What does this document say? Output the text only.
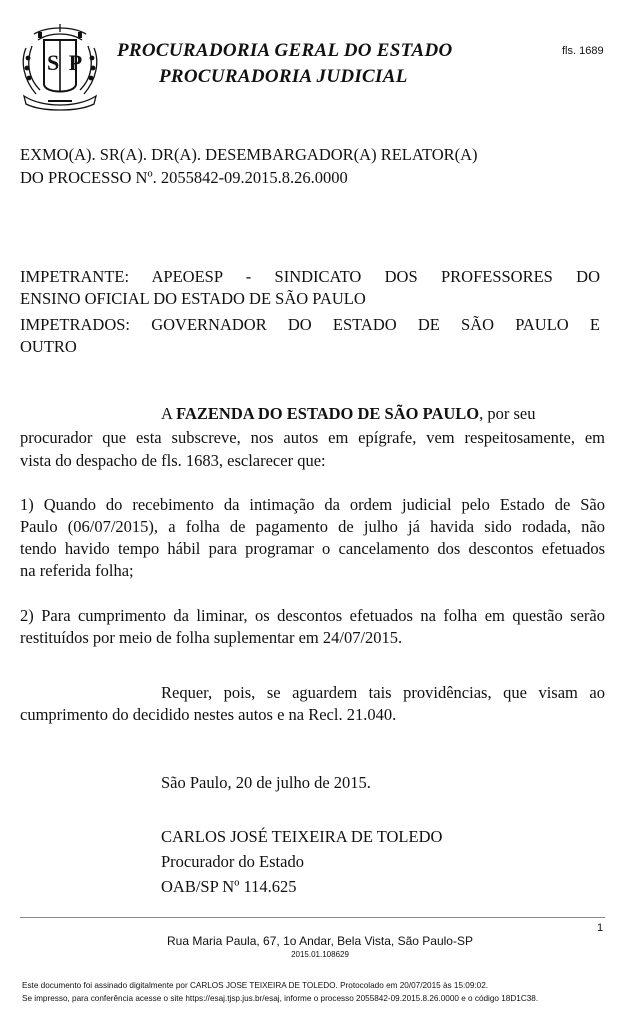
S P PROCURADORIA GERAL DO ESTADO
PROCURADORIA JUDICIAL
fls. 1689
EXMO(A). SR(A). DR(A). DESEMBARGADOR(A) RELATOR(A)
DO PROCESSO Nº. 2055842-09.2015.8.26.0000
IMPETRANTE: APEOESP - SINDICATO DOS PROFESSORES DO
ENSINO OFICIAL DO ESTADO DE SÃO PAULO
IMPETRADOS: GOVERNADOR DO ESTADO DE SÃO PAULO E
OUTRO
A FAZENDA DO ESTADO DE SÃO PAULO, por seu
procurador que esta subscreve, nos autos em epígrafe, vem respeitosamente, em
vista do despacho de fls. 1683, esclarecer que:
1) Quando do recebimento da intimação da ordem judicial pelo Estado de São
Paulo (06/07/2015), a folha de pagamento de julho já havida sido rodada, não
tendo havido tempo hábil para programar o cancelamento dos descontos efetuados
na referida folha;
2) Para cumprimento da liminar, os descontos efetuados na folha em questão serão
restituídos por meio de folha suplementar em 24/07/2015.
Requer, pois, se aguardem tais providências, que visam ao
cumprimento do decidido nestes autos e na Recl. 21.040.
São Paulo, 20 de julho de 2015.
CARLOS JOSÉ TEIXEIRA DE TOLEDO
Procurador do Estado
OAB/SP Nº 114.625
1
Rua Maria Paula, 67, 1o Andar, Bela Vista, São Paulo-SP
2015.01.108629
Este documento foi assinado digitalmente por CARLOS JOSE TEIXEIRA DE TOLEDO. Protocolado em 20/07/2015 às 15:09:02.
Se impresso, para conferência acesse o site https://esaj.tjsp.jus.br/esaj, informe o processo 2055842-09.2015.8.26.0000 e o código 18D1C38.
